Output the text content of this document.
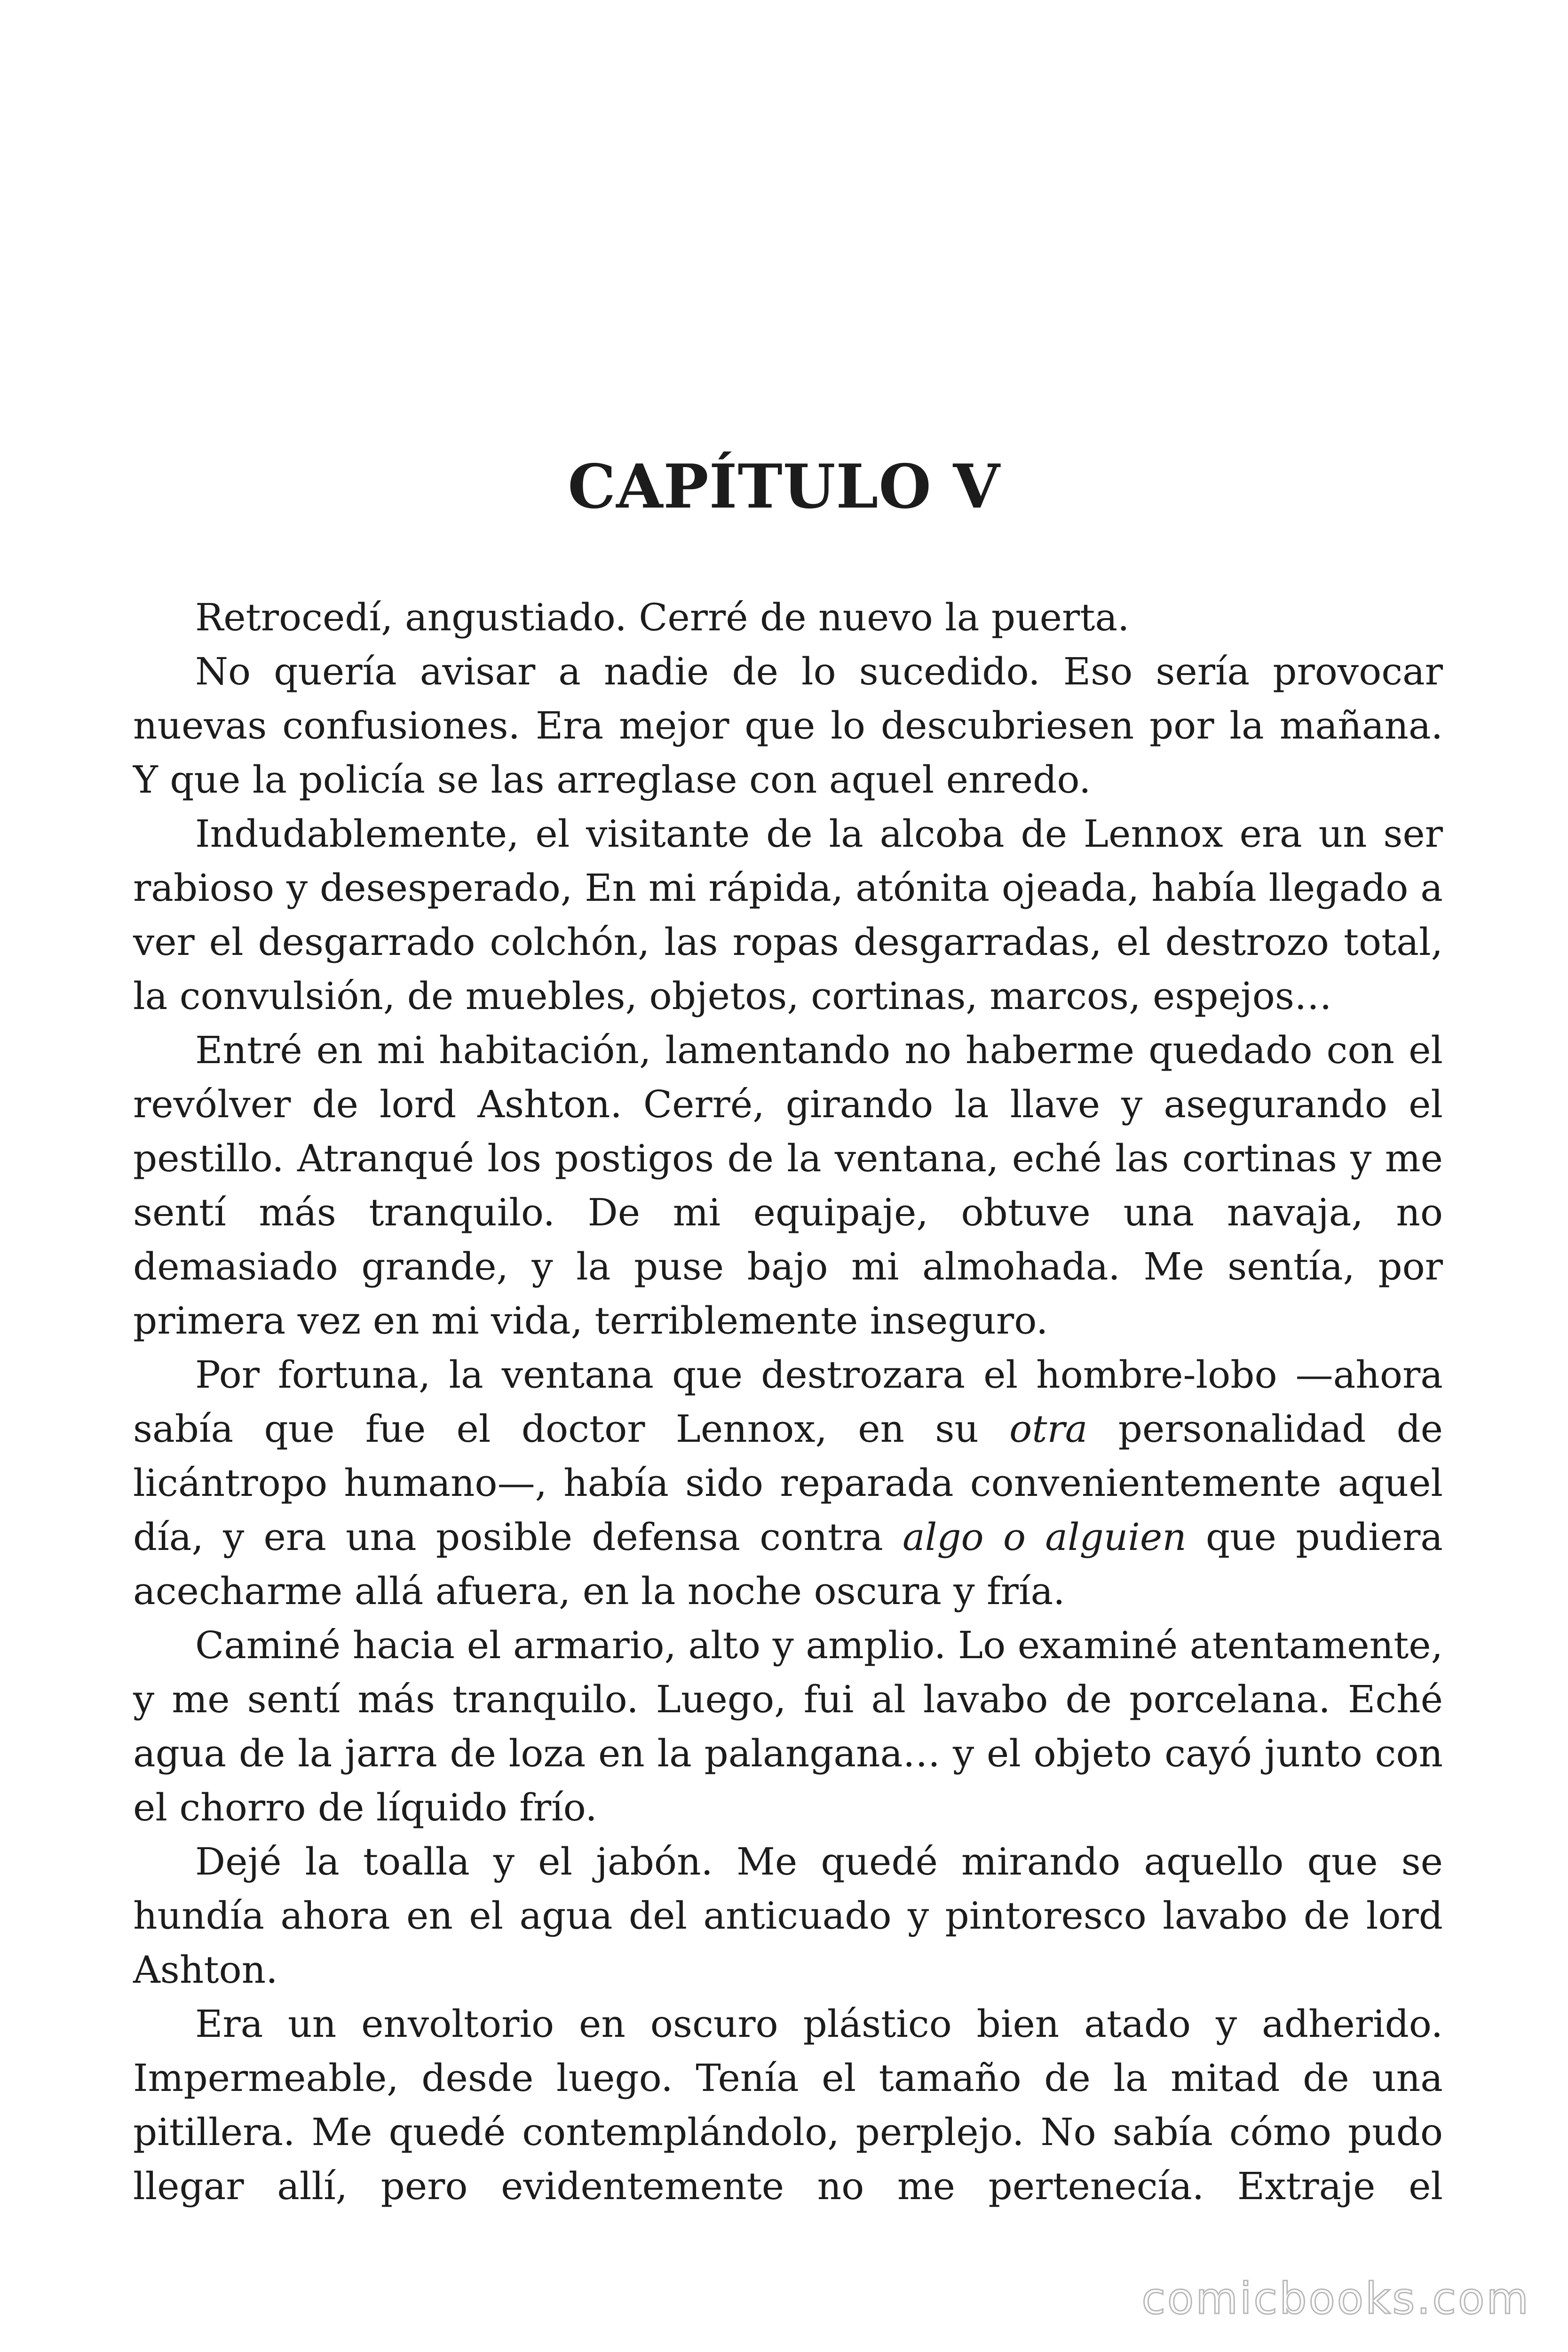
CAPÍTULO V

Retrocedí, angustiado. Cerré de nuevo la puerta.

No quería avisar a nadie de lo sucedido. Eso sería provocar nuevas confusiones. Era mejor que lo descubriesen por la mañana. Y que la policía se las arreglase con aquel enredo.

Indudablemente, el visitante de la alcoba de Lennox era un ser rabioso y desesperado, En mi rápida, atónita ojeada, había llegado a ver el desgarrado colchón, las ropas desgarradas, el destrozo total, la convulsión, de muebles, objetos, cortinas, marcos, espejos…

Entré en mi habitación, lamentando no haberme quedado con el revólver de lord Ashton. Cerré, girando la llave y asegurando el pestillo. Atranqué los postigos de la ventana, eché las cortinas y me sentí más tranquilo. De mi equipaje, obtuve una navaja, no demasiado grande, y la puse bajo mi almohada. Me sentía, por primera vez en mi vida, terriblemente inseguro.

Por fortuna, la ventana que destrozara el hombre-lobo —ahora sabía que fue el doctor Lennox, en su otra personalidad de licántropo humano—, había sido reparada convenientemente aquel día, y era una posible defensa contra algo o alguien que pudiera acecharme allá afuera, en la noche oscura y fría.

Caminé hacia el armario, alto y amplio. Lo examiné atentamente, y me sentí más tranquilo. Luego, fui al lavabo de porcelana. Eché agua de la jarra de loza en la palangana… y el objeto cayó junto con el chorro de líquido frío.

Dejé la toalla y el jabón. Me quedé mirando aquello que se hundía ahora en el agua del anticuado y pintoresco lavabo de lord Ashton.

Era un envoltorio en oscuro plástico bien atado y adherido. Impermeable, desde luego. Tenía el tamaño de la mitad de una pitillera. Me quedé contemplándolo, perplejo. No sabía cómo pudo llegar allí, pero evidentemente no me pertenecía. Extraje el

comicbooks.com
